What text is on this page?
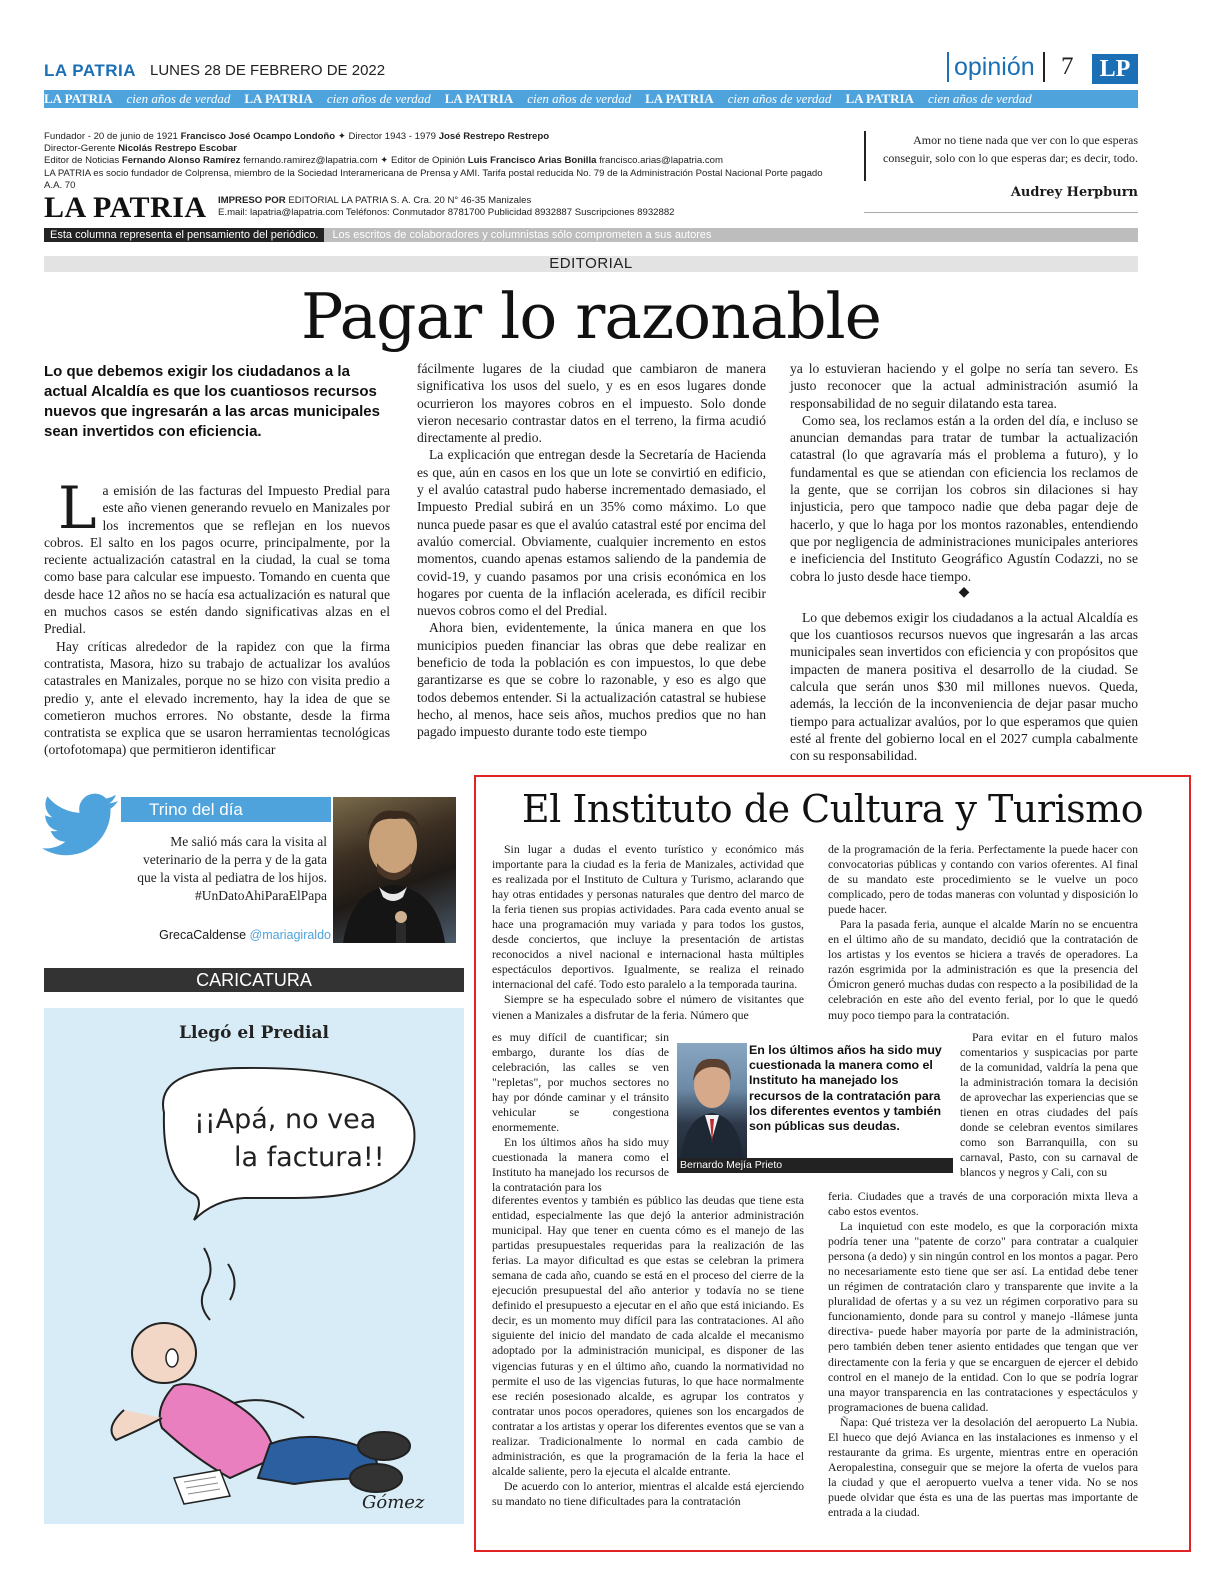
LA PATRIA LUNES 28 DE FEBRERO DE 2022	opinión	7	LP
LA PATRIA cien años de verdad LA PATRIA cien años de verdad LA PATRIA cien años de verdad LA PATRIA cien años de verdad LA PATRIA cien años de verdad
Fundador - 20 de junio de 1921 Francisco José Ocampo Londoño ✦ Director 1943 - 1979 José Restrepo Restrepo
Director-Gerente Nicolás Restrepo Escobar
Editor de Noticias Fernando Alonso Ramírez fernando.ramirez@lapatria.com ✦ Editor de Opinión Luis Francisco Arias Bonilla francisco.arias@lapatria.com
LA PATRIA es socio fundador de Colprensa, miembro de la Sociedad Interamericana de Prensa y AMI. Tarifa postal reducida No. 79 de la Administración Postal Nacional Porte pagado A.A. 70
Amor no tiene nada que ver con lo que esperas conseguir, solo con lo que esperas dar; es decir, todo.
Audrey Herpburn
LA PATRIA IMPRESO POR EDITORIAL LA PATRIA S. A. Cra. 20 N° 46-35 Manizales
E.mail: lapatria@lapatria.com Teléfonos: Conmutador 8781700 Publicidad 8932887 Suscripciones 8932882
Esta columna representa el pensamiento del periódico. Los escritos de colaboradores y columnistas sólo comprometen a sus autores
EDITORIAL
Pagar lo razonable
Lo que debemos exigir los ciudadanos a la actual Alcaldía es que los cuantiosos recursos nuevos que ingresarán a las arcas municipales sean invertidos con eficiencia.

La emisión de las facturas del Impuesto Predial para este año vienen generando revuelo en Manizales por los incrementos que se reflejan en los nuevos cobros. El salto en los pagos ocurre, principalmente, por la reciente actualización catastral en la ciudad, la cual se toma como base para calcular ese impuesto. Tomando en cuenta que desde hace 12 años no se hacía esa actualización es natural que en muchos casos se estén dando significativas alzas en el Predial.

Hay críticas alrededor de la rapidez con que la firma contratista, Masora, hizo su trabajo de actualizar los avalúos catastrales en Manizales, porque no se hizo con visita predio a predio y, ante el elevado incremento, hay la idea de que se cometieron muchos errores. No obstante, desde la firma contratista se explica que se usaron herramientas tecnológicas (ortofotomapa) que permitieron identificar

fácilmente lugares de la ciudad que cambiaron de manera significativa los usos del suelo, y es en esos lugares donde ocurrieron los mayores cobros en el impuesto. Solo donde vieron necesario contrastar datos en el terreno, la firma acudió directamente al predio.

La explicación que entregan desde la Secretaría de Hacienda es que, aún en casos en los que un lote se convirtió en edificio, y el avalúo catastral pudo haberse incrementado demasiado, el Impuesto Predial subirá en un 35% como máximo. Lo que nunca puede pasar es que el avalúo catastral esté por encima del avalúo comercial. Obviamente, cualquier incremento en estos momentos, cuando apenas estamos saliendo de la pandemia de covid-19, y cuando pasamos por una crisis económica en los hogares por cuenta de la inflación acelerada, es difícil recibir nuevos cobros como el del Predial.

Ahora bien, evidentemente, la única manera en que los municipios pueden financiar las obras que debe realizar en beneficio de toda la población es con impuestos, lo que debe garantizarse es que se cobre lo razonable, y eso es algo que todos debemos entender. Si la actualización catastral se hubiese hecho, al menos, hace seis años, muchos predios que no han pagado impuesto durante todo este tiempo

ya lo estuvieran haciendo y el golpe no sería tan severo. Es justo reconocer que la actual administración asumió la responsabilidad de no seguir dilatando esta tarea.

Como sea, los reclamos están a la orden del día, e incluso se anuncian demandas para tratar de tumbar la actualización catastral (lo que agravaría más el problema a futuro), y lo fundamental es que se atiendan con eficiencia los reclamos de la gente, que se corrijan los cobros sin dilaciones si hay injusticia, pero que tampoco nadie que deba pagar deje de hacerlo, y que lo haga por los montos razonables, entendiendo que por negligencia de administraciones municipales anteriores e ineficiencia del Instituto Geográfico Agustín Codazzi, no se cobra lo justo desde hace tiempo.

◆

Lo que debemos exigir los ciudadanos a la actual Alcaldía es que los cuantiosos recursos nuevos que ingresarán a las arcas municipales sean invertidos con eficiencia y con propósitos que impacten de manera positiva el desarrollo de la ciudad. Se calcula que serán unos $30 mil millones nuevos. Queda, además, la lección de la inconveniencia de dejar pasar mucho tiempo para actualizar avalúos, por lo que esperamos que quien esté al frente del gobierno local en el 2027 cumpla cabalmente con su responsabilidad.

Trino del día
Me salió más cara la visita al veterinario de la perra y de la gata que la vista al pediatra de los hijos. #UnDatoAhiParaElPapa
GrecaCaldense @mariagiraldo
CARICATURA
Llegó el Predial
¡¡Apá, no vea
la factura!!
Gómez
El Instituto de Cultura y Turismo

Sin lugar a dudas el evento turístico y económico más importante para la ciudad es la feria de Manizales, actividad que es realizada por el Instituto de Cultura y Turismo, aclarando que hay otras entidades y personas naturales que dentro del marco de la feria tienen sus propias actividades. Para cada evento anual se hace una programación muy variada y para todos los gustos, desde conciertos, que incluye la presentación de artistas reconocidos a nivel nacional e internacional hasta múltiples espectáculos deportivos. Igualmente, se realiza el reinado internacional del café. Todo esto paralelo a la temporada taurina.

Siempre se ha especulado sobre el número de visitantes que vienen a Manizales a disfrutar de la feria. Número que

es muy difícil de cuantificar; sin embargo, durante los días de celebración, las calles se ven "repletas", por muchos sectores no hay por dónde caminar y el tránsito vehicular se congestiona enormemente.

En los últimos años ha sido muy cuestionada la manera como el Instituto ha manejado los recursos de la contratación para los

diferentes eventos y también es público las deudas que tiene esta entidad, especialmente las que dejó la anterior administración municipal. Hay que tener en cuenta cómo es el manejo de las partidas presupuestales requeridas para la realización de las ferias. La mayor dificultad es que estas se celebran la primera semana de cada año, cuando se está en el proceso del cierre de la ejecución presupuestal del año anterior y todavía no se tiene definido el presupuesto a ejecutar en el año que está iniciando. Es decir, es un momento muy difícil para las contrataciones. Al año siguiente del inicio del mandato de cada alcalde el mecanismo adoptado por la administración municipal, es disponer de las vigencias futuras y en el último año, cuando la normatividad no permite el uso de las vigencias futuras, lo que hace normalmente ese recién posesionado alcalde, es agrupar los contratos y contratar unos pocos operadores, quienes son los encargados de contratar a los artistas y operar los diferentes eventos que se van a realizar. Tradicionalmente lo normal en cada cambio de administración, es que la programación de la feria la hace el alcalde saliente, pero la ejecuta el alcalde entrante.

De acuerdo con lo anterior, mientras el alcalde está ejerciendo su mandato no tiene dificultades para la contratación

de la programación de la feria. Perfectamente la puede hacer con convocatorias públicas y contando con varios oferentes. Al final de su mandato este procedimiento se le vuelve un poco complicado, pero de todas maneras con voluntad y disposición lo puede hacer.

Para la pasada feria, aunque el alcalde Marín no se encuentra en el último año de su mandato, decidió que la contratación de los artistas y los eventos se hiciera a través de operadores. La razón esgrimida por la administración es que la presencia del Ómicron generó muchas dudas con respecto a la posibilidad de la celebración en este año del evento ferial, por lo que le quedó muy poco tiempo para la contratación.

Para evitar en el futuro malos comentarios y suspicacias por parte de la comunidad, valdría la pena que la administración tomara la decisión de aprovechar las experiencias que se tienen en otras ciudades del país donde se celebran eventos similares como son Barranquilla, con su carnaval, Pasto, con su carnaval de blancos y negros y Cali, con su

feria. Ciudades que a través de una corporación mixta lleva a cabo estos eventos.

La inquietud con este modelo, es que la corporación mixta podría tener una "patente de corzo" para contratar a cualquier persona (a dedo) y sin ningún control en los montos a pagar. Pero no necesariamente esto tiene que ser así. La entidad debe tener un régimen de contratación claro y transparente que invite a la pluralidad de ofertas y a su vez un régimen corporativo para su funcionamiento, donde para su control y manejo -llámese junta directiva- puede haber mayoría por parte de la administración, pero también deben tener asiento entidades que tengan que ver directamente con la feria y que se encarguen de ejercer el debido control en el manejo de la entidad. Con lo que se podría lograr una mayor transparencia en las contrataciones y espectáculos y programaciones de buena calidad.

Ñapa: Qué tristeza ver la desolación del aeropuerto La Nubia. El hueco que dejó Avianca en las instalaciones es inmenso y el restaurante da grima. Es urgente, mientras entre en operación Aeropalestina, conseguir que se mejore la oferta de vuelos para la ciudad y que el aeropuerto vuelva a tener vida. No se nos puede olvidar que ésta es una de las puertas mas importante de entrada a la ciudad.

En los últimos años ha sido muy cuestionada la manera como el Instituto ha manejado los recursos de la contratación para los diferentes eventos y también son públicas sus deudas.
Bernardo Mejía Prieto
